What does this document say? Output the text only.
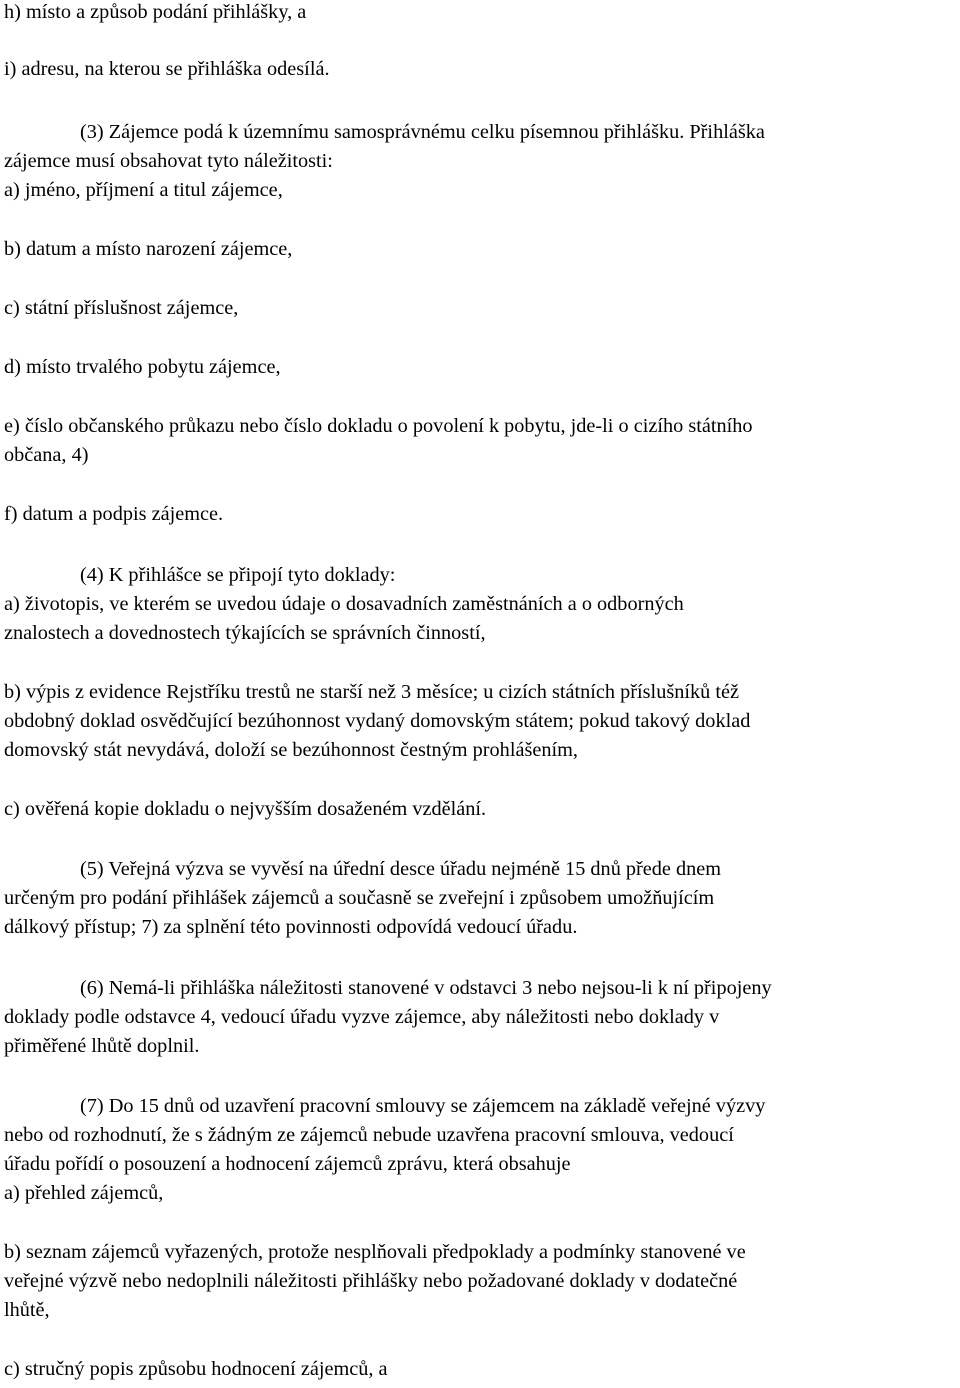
h) místo a způsob podání přihlášky, a
i) adresu, na kterou se přihláška odesílá.
(3) Zájemce podá k územnímu samosprávnému celku písemnou přihlášku. Přihláška
zájemce musí obsahovat tyto náležitosti:
a) jméno, příjmení a titul zájemce,
b) datum a místo narození zájemce,
c) státní příslušnost zájemce,
d) místo trvalého pobytu zájemce,
e) číslo občanského průkazu nebo číslo dokladu o povolení k pobytu, jde-li o cizího státního
občana, 4)
f) datum a podpis zájemce.
(4) K přihlášce se připojí tyto doklady:
a) životopis, ve kterém se uvedou údaje o dosavadních zaměstnáních a o odborných
znalostech a dovednostech týkajících se správních činností,
b) výpis z evidence Rejstříku trestů ne starší než 3 měsíce; u cizích státních příslušníků též
obdobný doklad osvědčující bezúhonnost vydaný domovským státem; pokud takový doklad
domovský stát nevydává, doloží se bezúhonnost čestným prohlášením,
c) ověřená kopie dokladu o nejvyšším dosaženém vzdělání.
(5) Veřejná výzva se vyvěsí na úřední desce úřadu nejméně 15 dnů přede dnem
určeným pro podání přihlášek zájemců a současně se zveřejní i způsobem umožňujícím
dálkový přístup; 7) za splnění této povinnosti odpovídá vedoucí úřadu.
(6) Nemá-li přihláška náležitosti stanovené v odstavci 3 nebo nejsou-li k ní připojeny
doklady podle odstavce 4, vedoucí úřadu vyzve zájemce, aby náležitosti nebo doklady v
přiměřené lhůtě doplnil.
(7) Do 15 dnů od uzavření pracovní smlouvy se zájemcem na základě veřejné výzvy
nebo od rozhodnutí, že s žádným ze zájemců nebude uzavřena pracovní smlouva, vedoucí
úřadu pořídí o posouzení a hodnocení zájemců zprávu, která obsahuje
a) přehled zájemců,
b) seznam zájemců vyřazených, protože nesplňovali předpoklady a podmínky stanovené ve
veřejné výzvě nebo nedoplnili náležitosti přihlášky nebo požadované doklady v dodatečné
lhůtě,
c) stručný popis způsobu hodnocení zájemců, a
